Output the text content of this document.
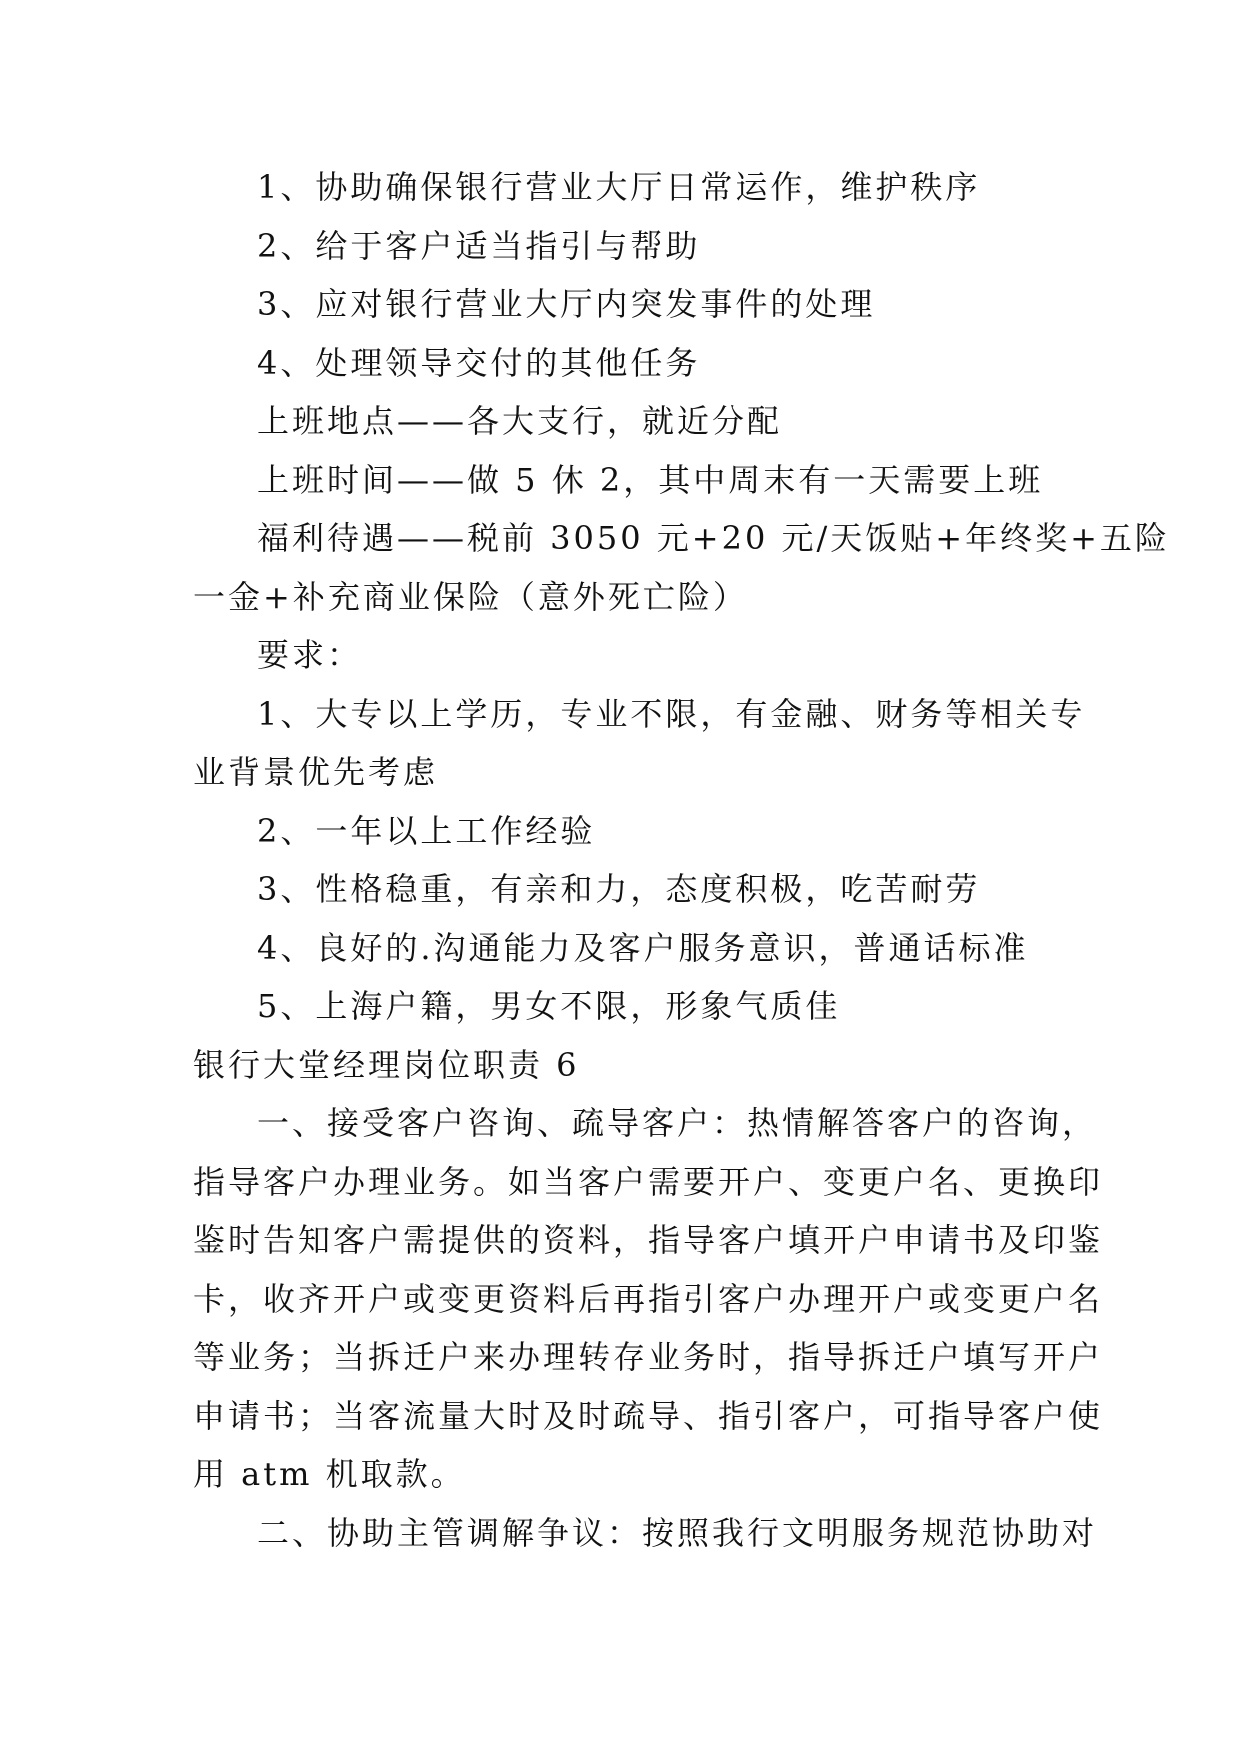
1、协助确保银行营业大厅日常运作，维护秩序
2、给于客户适当指引与帮助
3、应对银行营业大厅内突发事件的处理
4、处理领导交付的其他任务
上班地点——各大支行，就近分配
上班时间——做 5 休 2，其中周末有一天需要上班
福利待遇——税前 3050 元+20 元/天饭贴+年终奖+五险
一金+补充商业保险（意外死亡险）
要求：
1、大专以上学历，专业不限，有金融、财务等相关专
业背景优先考虑
2、一年以上工作经验
3、性格稳重，有亲和力，态度积极，吃苦耐劳
4、良好的.沟通能力及客户服务意识，普通话标准
5、上海户籍，男女不限，形象气质佳
银行大堂经理岗位职责 6
一、接受客户咨询、疏导客户：热情解答客户的咨询，
指导客户办理业务。如当客户需要开户、变更户名、更换印
鉴时告知客户需提供的资料，指导客户填开户申请书及印鉴
卡，收齐开户或变更资料后再指引客户办理开户或变更户名
等业务；当拆迁户来办理转存业务时，指导拆迁户填写开户
申请书；当客流量大时及时疏导、指引客户，可指导客户使
用 atm 机取款。
二、协助主管调解争议：按照我行文明服务规范协助对
